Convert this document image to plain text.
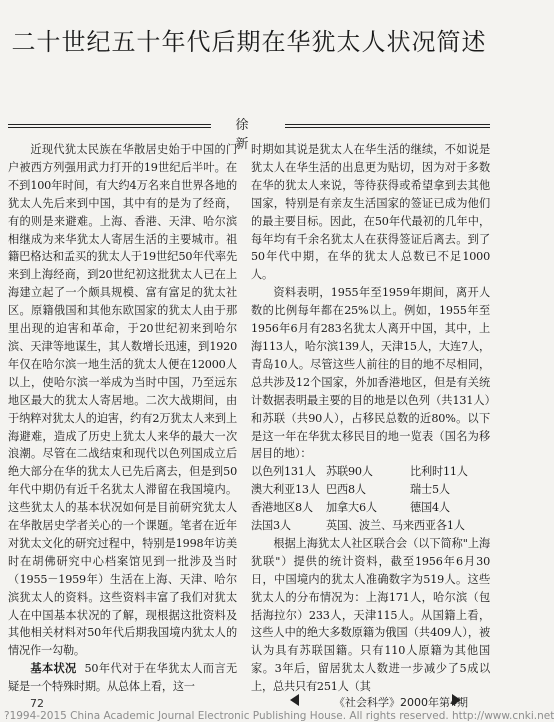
二十世纪五十年代后期在华犹太人状况简述
徐 新

近现代犹太民族在华散居史始于中国的门户被西方列强用武力打开的19世纪后半叶。在不到100年时间，有大约4万名来自世界各地的犹太人先后来到中国，其中有的是为了经商，有的则是来避难。上海、香港、天津、哈尔滨相继成为来华犹太人寄居生活的主要城市。祖籍巴格达和孟买的犹太人于19世纪50年代率先来到上海经商，到20世纪初这批犹太人已在上海建立起了一个颇具规模、富有富足的犹太社区。原籍俄国和其他东欧国家的犹太人由于那里出现的迫害和革命，于20世纪初来到哈尔滨、天津等地谋生，其人数增长迅速，到1920年仅在哈尔滨一地生活的犹太人便在12000人以上，使哈尔滨一举成为当时中国，乃至远东地区最大的犹太人寄居地。二次大战期间，由于纳粹对犹太人的迫害，约有2万犹太人来到上海避难，造成了历史上犹太人来华的最大一次浪潮。尽管在二战结束和现代以色列国成立后绝大部分在华的犹太人已先后离去，但是到50年代中期仍有近千名犹太人滞留在我国境内。这些犹太人的基本状况如何是目前研究犹太人在华散居史学者关心的一个课题。笔者在近年对犹太文化的研究过程中，特别是1998年访美时在胡佛研究中心档案馆见到一批涉及当时（1955－1959年）生活在上海、天津、哈尔滨犹太人的资料。这些资料丰富了我们对犹太人在中国基本状况的了解，现根据这批资料及其他相关材料对50年代后期我国境内犹太人的情况作一勾勒。

基本状况 50年代对于在华犹太人而言无疑是一个特殊时期。从总体上看，这一

时期如其说是犹太人在华生活的继续，不如说是犹太人在华生活的出息更为贴切，因为对于多数在华的犹太人来说，等待获得或希望拿到去其他国家，特别是有亲友生活国家的签证已成为他们的最主要目标。因此，在50年代最初的几年中，每年均有千余名犹太人在获得签证后离去。到了50年代中期，在华的犹太人总数已不足1000人。

资料表明，1955年至1959年期间，离开人数的比例每年都在25%以上。例如，1955年至1956年6月有283名犹太人离开中国，其中，上海113人，哈尔滨139人，天津15人，大连7人，青岛10人。尽管这些人前往的目的地不尽相同，总共涉及12个国家，外加香港地区，但是有关统计数据表明最主要的目的地是以色列（共131人）和苏联（共90人），占移民总数的近80%。以下是这一年在华犹太移民目的地一览表（国名为移居目的地）：

以色列131人 苏联90人	比利时11人
澳大利亚13人 巴西8人	瑞士5人
香港地区8人	加拿大6人	德国4人
法国3人	英国、波兰、马来西亚各1人

根据上海犹太人社区联合会（以下简称"上海犹联"）提供的统计资料，截至1956年6月30日，中国境内的犹太人准确数字为519人。这些犹太人的分布情况为：上海171人，哈尔滨（包括海拉尔）233人，天津115人。从国籍上看，这些人中的绝大多数原籍为俄国（共409人），被认为具有苏联国籍。只有110人原籍为其他国家。3年后，留居犹太人数进一步减少了5成以上，总共只有251人（其

72	《社会科学》2000年第4期
?1994-2015 China Academic Journal Electronic Publishing House. All rights reserved. http://www.cnki.net
